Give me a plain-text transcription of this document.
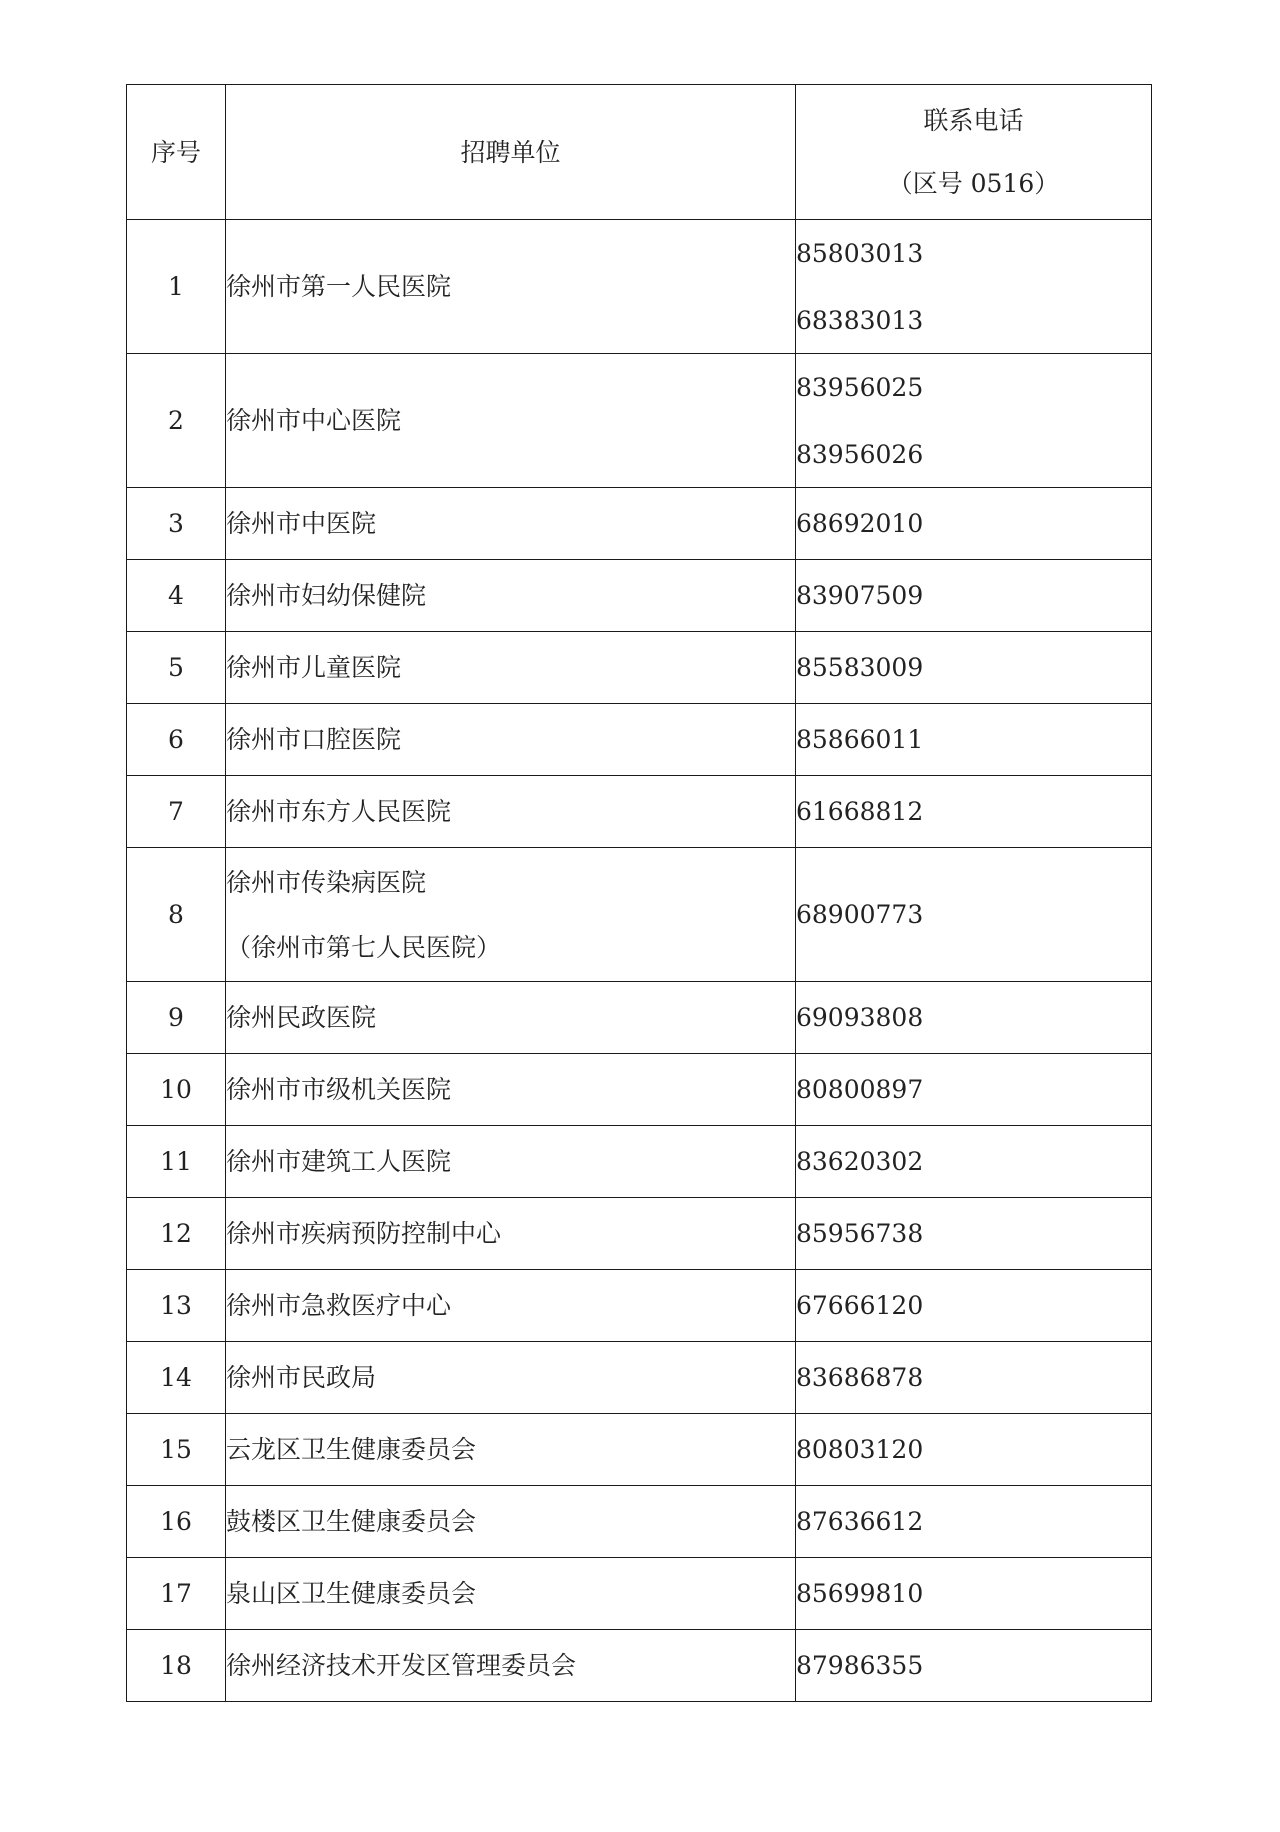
序号	招聘单位	联系电话
（区号 0516）

1	徐州市第一人民医院	85803013
68383013

2	徐州市中心医院	83956025
83956026

3	徐州市中医院	68692010

4	徐州市妇幼保健院	83907509

5	徐州市儿童医院	85583009

6	徐州市口腔医院	85866011

7	徐州市东方人民医院	61668812

8	徐州市传染病医院
（徐州市第七人民医院）	68900773

9	徐州民政医院	69093808

10	徐州市市级机关医院	80800897

11	徐州市建筑工人医院	83620302

12	徐州市疾病预防控制中心	85956738

13	徐州市急救医疗中心	67666120

14	徐州市民政局	83686878

15	云龙区卫生健康委员会	80803120

16	鼓楼区卫生健康委员会	87636612

17	泉山区卫生健康委员会	85699810

18	徐州经济技术开发区管理委员会	87986355
